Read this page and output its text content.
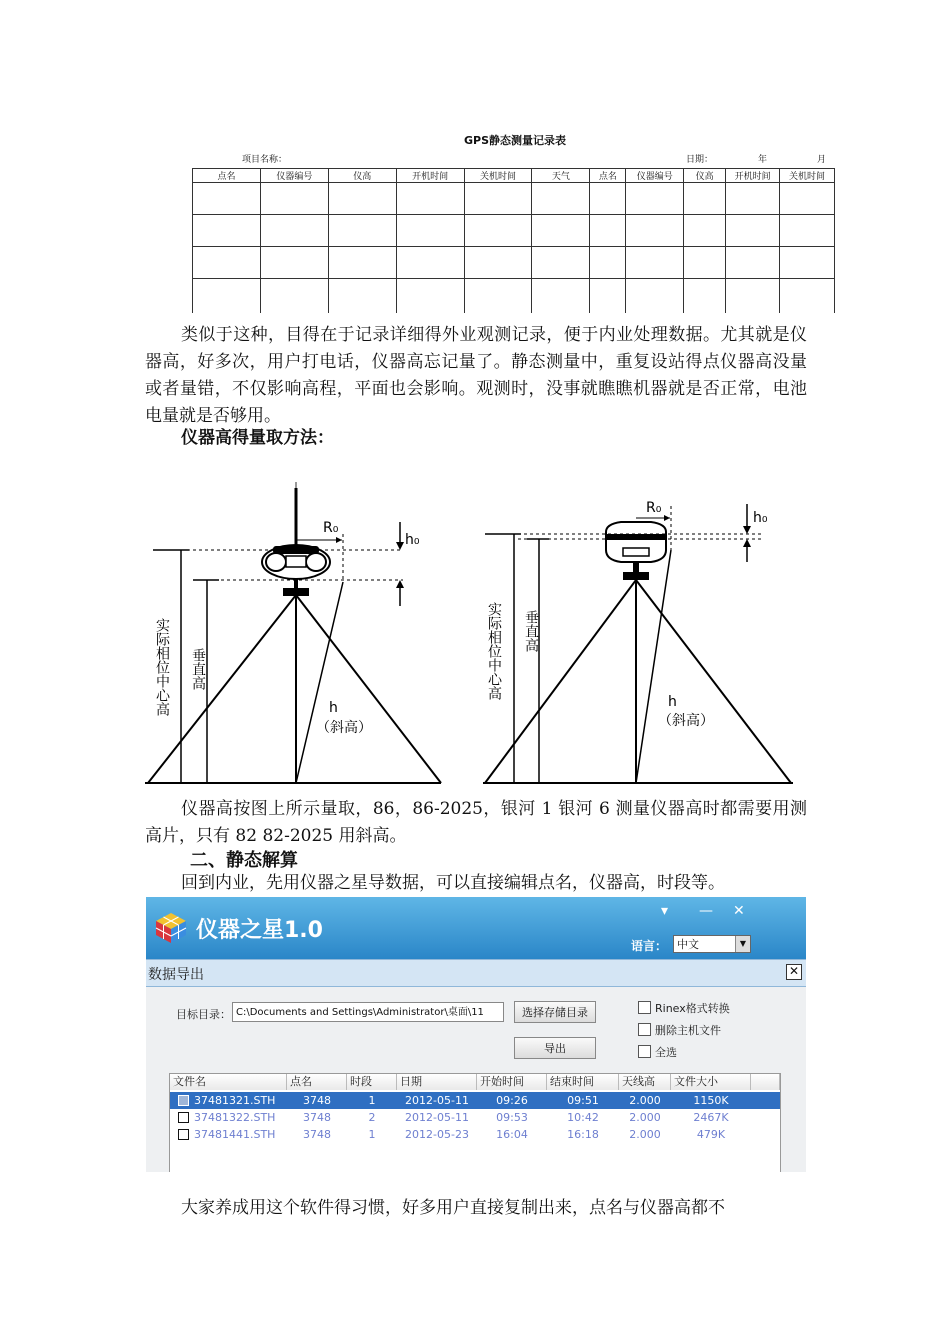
GPS静态测量记录表
项目名称：	日期：	年	月
点名	仪器编号	仪高	开机时间	关机时间	天气	点名	仪器编号	仪高	开机时间	关机时间

类似于这种，目得在于记录详细得外业观测记录，便于内业处理数据。尤其就是仪器高，好多次，用户打电话，仪器高忘记量了。静态测量中，重复设站得点仪器高没量或者量错，不仅影响高程，平面也会影响。观测时，没事就瞧瞧机器就是否正常，电池电量就是否够用。
仪器高得量取方法：
R₀
h₀
实际相位中心高 垂直高
h
（斜高）
R₀
h₀
实际相位中心高 垂直高
h
（斜高）
仪器高按图上所示量取，86，86-2025，银河 1 银河 6 测量仪器高时都需要用测高片，只有 82 82-2025 用斜高。
二、静态解算
回到内业，先用仪器之星导数据，可以直接编辑点名，仪器高，时段等。
仪器之星1.0
▾ — ✕
语言： 中文	▼
数据导出	✕
目标目录： C:\Documents and Settings\Administrator\桌面\11	选择存储目录
导出
Rinex格式转换
删除主机文件
全选
文件名	点名	时段	日期	开始时间	结束时间	天线高	文件大小
37481321.STH	3748	1	2012-05-11	09:26	09:51	2.000	1150K
37481322.STH	3748	2	2012-05-11	09:53	10:42	2.000	2467K
37481441.STH	3748	1	2012-05-23	16:04	16:18	2.000	479K
大家养成用这个软件得习惯，好多用户直接复制出来，点名与仪器高都不
